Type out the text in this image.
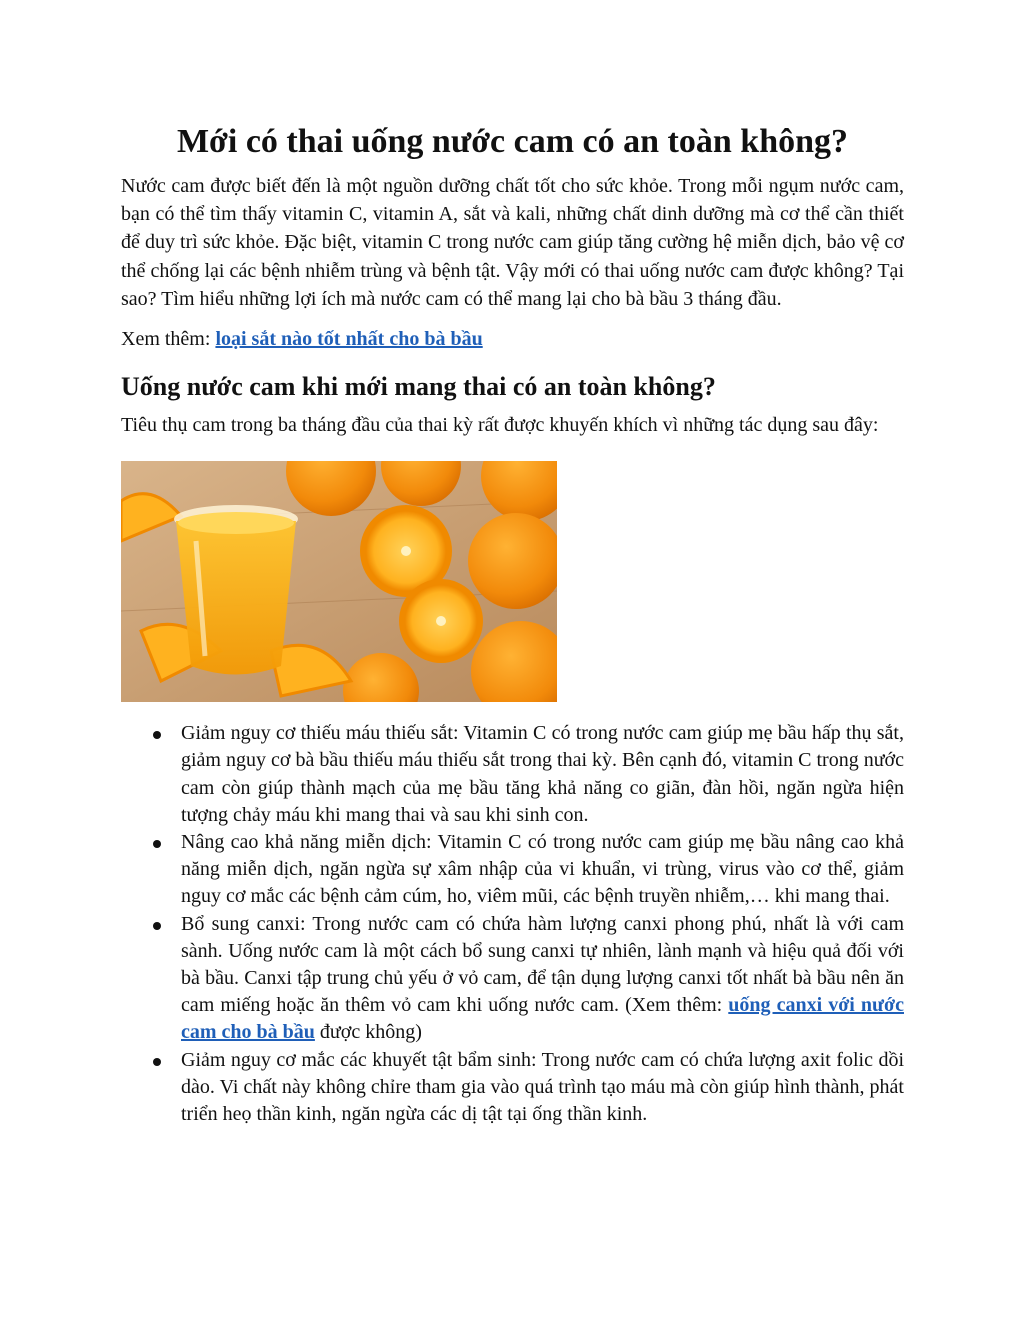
Mới có thai uống nước cam có an toàn không?

Nước cam được biết đến là một nguồn dưỡng chất tốt cho sức khỏe. Trong mỗi ngụm nước cam, bạn có thể tìm thấy vitamin C, vitamin A, sắt và kali, những chất dinh dưỡng mà cơ thể cần thiết để duy trì sức khỏe. Đặc biệt, vitamin C trong nước cam giúp tăng cường hệ miễn dịch, bảo vệ cơ thể chống lại các bệnh nhiễm trùng và bệnh tật. Vậy mới có thai uống nước cam được không? Tại sao? Tìm hiểu những lợi ích mà nước cam có thể mang lại cho bà bầu 3 tháng đầu.

Xem thêm: loại sắt nào tốt nhất cho bà bầu

Uống nước cam khi mới mang thai có an toàn không?

Tiêu thụ cam trong ba tháng đầu của thai kỳ rất được khuyến khích vì những tác dụng sau đây:

Giảm nguy cơ thiếu máu thiếu sắt: Vitamin C có trong nước cam giúp mẹ bầu hấp thụ sắt, giảm nguy cơ bà bầu thiếu máu thiếu sắt trong thai kỳ. Bên cạnh đó, vitamin C trong nước cam còn giúp thành mạch của mẹ bầu tăng khả năng co giãn, đàn hồi, ngăn ngừa hiện tượng chảy máu khi mang thai và sau khi sinh con.
Nâng cao khả năng miễn dịch: Vitamin C có trong nước cam giúp mẹ bầu nâng cao khả năng miễn dịch, ngăn ngừa sự xâm nhập của vi khuẩn, vi trùng, virus vào cơ thể, giảm nguy cơ mắc các bệnh cảm cúm, ho, viêm mũi, các bệnh truyền nhiễm,… khi mang thai.
Bổ sung canxi: Trong nước cam có chứa hàm lượng canxi phong phú, nhất là với cam sành. Uống nước cam là một cách bổ sung canxi tự nhiên, lành mạnh và hiệu quả đối với bà bầu. Canxi tập trung chủ yếu ở vỏ cam, để tận dụng lượng canxi tốt nhất bà bầu nên ăn cam miếng hoặc ăn thêm vỏ cam khi uống nước cam. (Xem thêm: uống canxi với nước cam cho bà bầu được không)
Giảm nguy cơ mắc các khuyết tật bẩm sinh: Trong nước cam có chứa lượng axit folic dồi dào. Vi chất này không chỉre tham gia vào quá trình tạo máu mà còn giúp hình thành, phát triển heọ thần kinh, ngăn ngừa các dị tật tại ống thần kinh.
